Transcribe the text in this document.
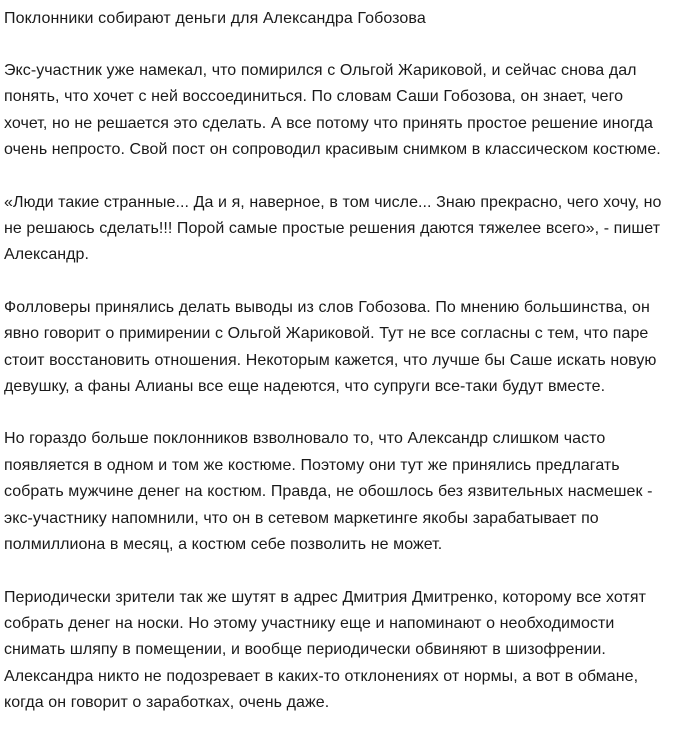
Поклонники собирают деньги для Александра Гобозова

Экс-участник уже намекал, что помирился с Ольгой Жариковой, и сейчас снова дал понять, что хочет с ней воссоединиться. По словам Саши Гобозова, он знает, чего хочет, но не решается это сделать. А все потому что принять простое решение иногда очень непросто. Свой пост он сопроводил красивым снимком в классическом костюме.

«Люди такие странные... Да и я, наверное, в том числе... Знаю прекрасно, чего хочу, но не решаюсь сделать!!! Порой самые простые решения даются тяжелее всего», - пишет Александр.

Фолловеры принялись делать выводы из слов Гобозова. По мнению большинства, он явно говорит о примирении с Ольгой Жариковой. Тут не все согласны с тем, что паре стоит восстановить отношения. Некоторым кажется, что лучше бы Саше искать новую девушку, а фаны Алианы все еще надеются, что супруги все-таки будут вместе.

Но гораздо больше поклонников взволновало то, что Александр слишком часто появляется в одном и том же костюме. Поэтому они тут же принялись предлагать собрать мужчине денег на костюм. Правда, не обошлось без язвительных насмешек - экс-участнику напомнили, что он в сетевом маркетинге якобы зарабатывает по полмиллиона в месяц, а костюм себе позволить не может.

Периодически зрители так же шутят в адрес Дмитрия Дмитренко, которому все хотят собрать денег на носки. Но этому участнику еще и напоминают о необходимости снимать шляпу в помещении, и вообще периодически обвиняют в шизофрении. Александра никто не подозревает в каких-то отклонениях от нормы, а вот в обмане, когда он говорит о заработках, очень даже.
